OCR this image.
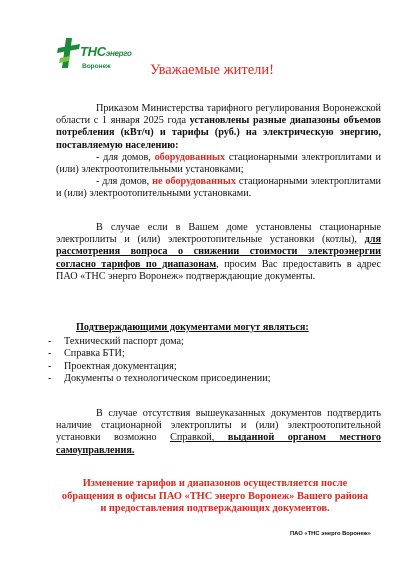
ТНСэнерго
Воронеж	Уважаемые жители!
Приказом Министерства тарифного регулирования Воронежской области с 1 января 2025 года установлены разные диапазоны объемов потребления (кВт/ч) и тарифы (руб.) на электрическую энергию, поставляемую населению:
- для домов, оборудованных стационарными электроплитами и (или) электроотопительными установками;
- для домов, не оборудованных стационарными электроплитами и (или) электроотопительными установками.
В случае если в Вашем доме установлены стационарные электроплиты и (или) электроотопительные установки (котлы), для рассмотрения вопроса о снижении стоимости электроэнергии согласно тарифов по диапазонам, просим Вас предоставить в адрес ПАО «ТНС энерго Воронеж» подтверждающие документы.
Подтверждающими документами могут являться:
- Технический паспорт дома;
- Справка БТИ;
- Проектная документация;
- Документы о технологическом присоединении;
В случае отсутствия вышеуказанных документов подтвердить наличие стационарной электроплиты и (или) электроотопительной установки возможно Справкой, выданной органом местного самоуправления.
Изменение тарифов и диапазонов осуществляется после обращения в офисы ПАО «ТНС энерго Воронеж» Вашего района и предоставления подтверждающих документов.
ПАО «ТНС энерго Воронеж»
